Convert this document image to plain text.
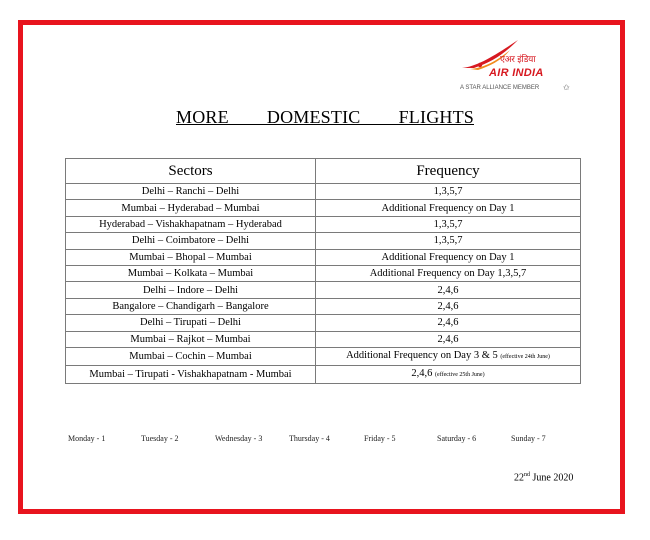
एअर इंडिया
AIR INDIA
A STAR ALLIANCE MEMBER	✩
MORE   DOMESTIC   FLIGHTS
Sectors	Frequency
Delhi – Ranchi – Delhi	1,3,5,7
Mumbai – Hyderabad – Mumbai	Additional Frequency on Day 1
Hyderabad – Vishakhapatnam – Hyderabad	1,3,5,7
Delhi – Coimbatore – Delhi	1,3,5,7
Mumbai – Bhopal – Mumbai	Additional Frequency on Day 1
Mumbai – Kolkata – Mumbai	Additional Frequency on Day 1,3,5,7
Delhi – Indore – Delhi	2,4,6
Bangalore – Chandigarh – Bangalore	2,4,6
Delhi – Tirupati – Delhi	2,4,6
Mumbai – Rajkot – Mumbai	2,4,6
Mumbai – Cochin – Mumbai	Additional Frequency on Day 3 & 5 (effective 24th June)
Mumbai – Tirupati - Vishakhapatnam - Mumbai	2,4,6 (effective 25th June)
Monday - 1	Tuesday - 2	Wednesday - 3	Thursday - 4	Friday - 5	Saturday - 6	Sunday - 7
22nd June 2020
